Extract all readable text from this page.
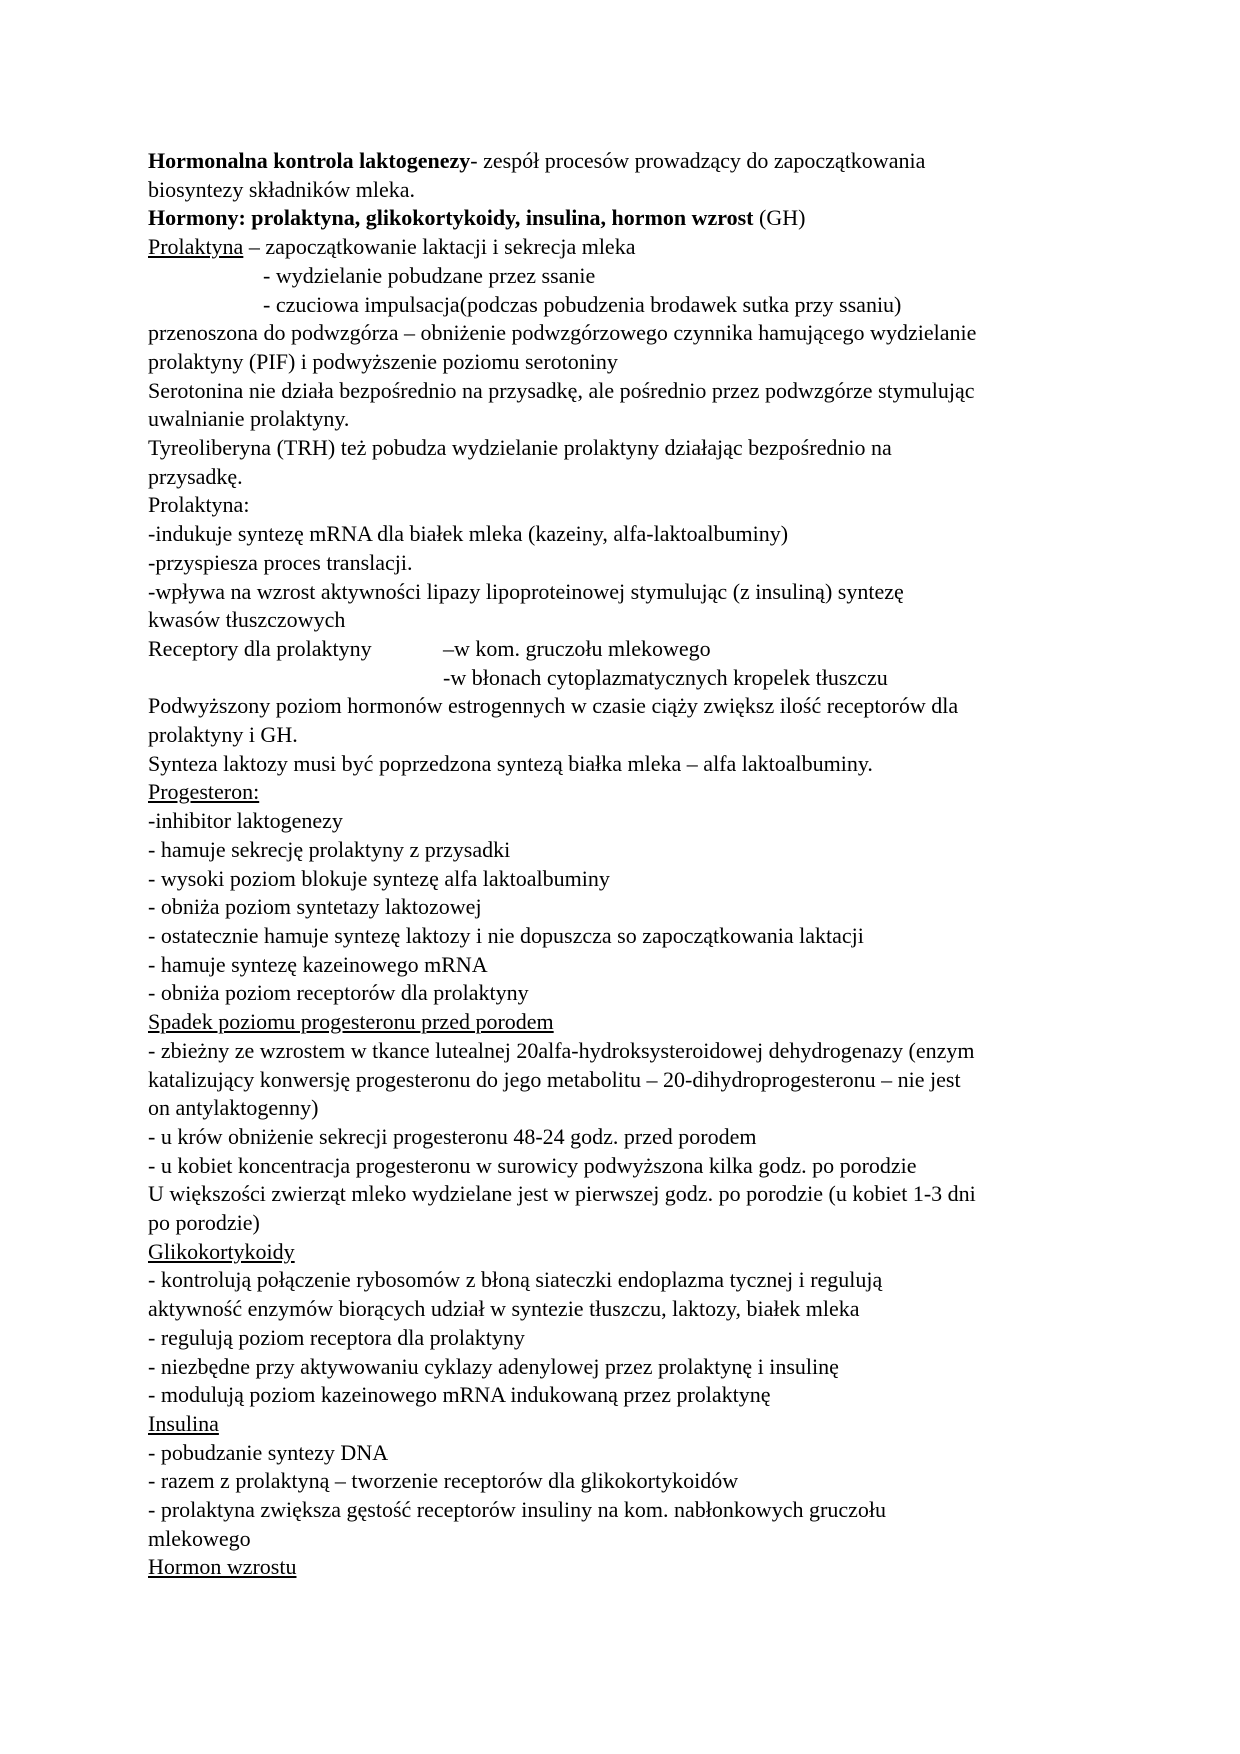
Hormonalna kontrola laktogenezy- zespół procesów prowadzący do zapoczątkowania

biosyntezy składników mleka.

Hormony: prolaktyna, glikokortykoidy, insulina, hormon wzrost (GH)

Prolaktyna – zapoczątkowanie laktacji i sekrecja mleka

- wydzielanie pobudzane przez ssanie

- czuciowa impulsacja(podczas pobudzenia brodawek sutka przy ssaniu)

przenoszona do podwzgórza – obniżenie podwzgórzowego czynnika hamującego wydzielanie

prolaktyny (PIF) i podwyższenie poziomu serotoniny

Serotonina nie działa bezpośrednio na przysadkę, ale pośrednio przez podwzgórze stymulując

uwalnianie prolaktyny.

Tyreoliberyna (TRH) też pobudza wydzielanie prolaktyny działając bezpośrednio na

przysadkę.

Prolaktyna:

-indukuje syntezę mRNA dla białek mleka (kazeiny, alfa-laktoalbuminy)

-przyspiesza proces translacji.

-wpływa na wzrost aktywności lipazy lipoproteinowej stymulując (z insuliną) syntezę

kwasów tłuszczowych

Receptory dla prolaktyny	–w kom. gruczołu mlekowego

-w błonach cytoplazmatycznych kropelek tłuszczu

Podwyższony poziom hormonów estrogennych w czasie ciąży zwiększ ilość receptorów dla

prolaktyny i GH.

Synteza laktozy musi być poprzedzona syntezą białka mleka – alfa laktoalbuminy.

Progesteron:

-inhibitor laktogenezy

- hamuje sekrecję prolaktyny z przysadki

- wysoki poziom blokuje syntezę alfa laktoalbuminy

- obniża poziom syntetazy laktozowej

- ostatecznie hamuje syntezę laktozy i nie dopuszcza so zapoczątkowania laktacji

- hamuje syntezę kazeinowego mRNA

- obniża poziom receptorów dla prolaktyny

Spadek poziomu progesteronu przed porodem

- zbieżny ze wzrostem w tkance lutealnej 20alfa-hydroksysteroidowej dehydrogenazy (enzym

katalizujący konwersję progesteronu do jego metabolitu – 20-dihydroprogesteronu – nie jest

on antylaktogenny)

- u krów obniżenie sekrecji progesteronu 48-24 godz. przed porodem

- u kobiet koncentracja progesteronu w surowicy podwyższona kilka godz. po porodzie

U większości zwierząt mleko wydzielane jest w pierwszej godz. po porodzie (u kobiet 1-3 dni

po porodzie)

Glikokortykoidy

- kontrolują połączenie rybosomów z błoną siateczki endoplazma tycznej i regulują

aktywność enzymów biorących udział w syntezie tłuszczu, laktozy, białek mleka

- regulują poziom receptora dla prolaktyny

- niezbędne przy aktywowaniu cyklazy adenylowej przez prolaktynę i insulinę

- modulują poziom kazeinowego mRNA indukowaną przez prolaktynę

Insulina

- pobudzanie syntezy DNA

- razem z prolaktyną – tworzenie receptorów dla glikokortykoidów

- prolaktyna zwiększa gęstość receptorów insuliny na kom. nabłonkowych gruczołu

mlekowego

Hormon wzrostu
